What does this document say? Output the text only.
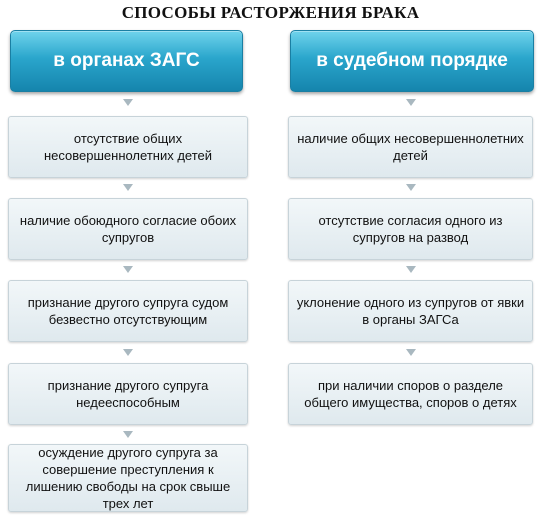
СПОСОБЫ РАСТОРЖЕНИЯ БРАКА
в органах ЗАГС	в судебном порядке
отсутствие общих несовершеннолетних детей
наличие обоюдного согласие обоих супругов
признание другого супруга судом безвестно отсутствующим
признание другого супруга недееспособным
осуждение другого супруга за совершение преступления к лишению свободы на срок свыше трех лет
наличие общих несовершеннолетних детей
отсутствие согласия одного из супругов на развод
уклонение одного из супругов от явки в органы ЗАГСа
при наличии споров о разделе общего имущества, споров о детях
